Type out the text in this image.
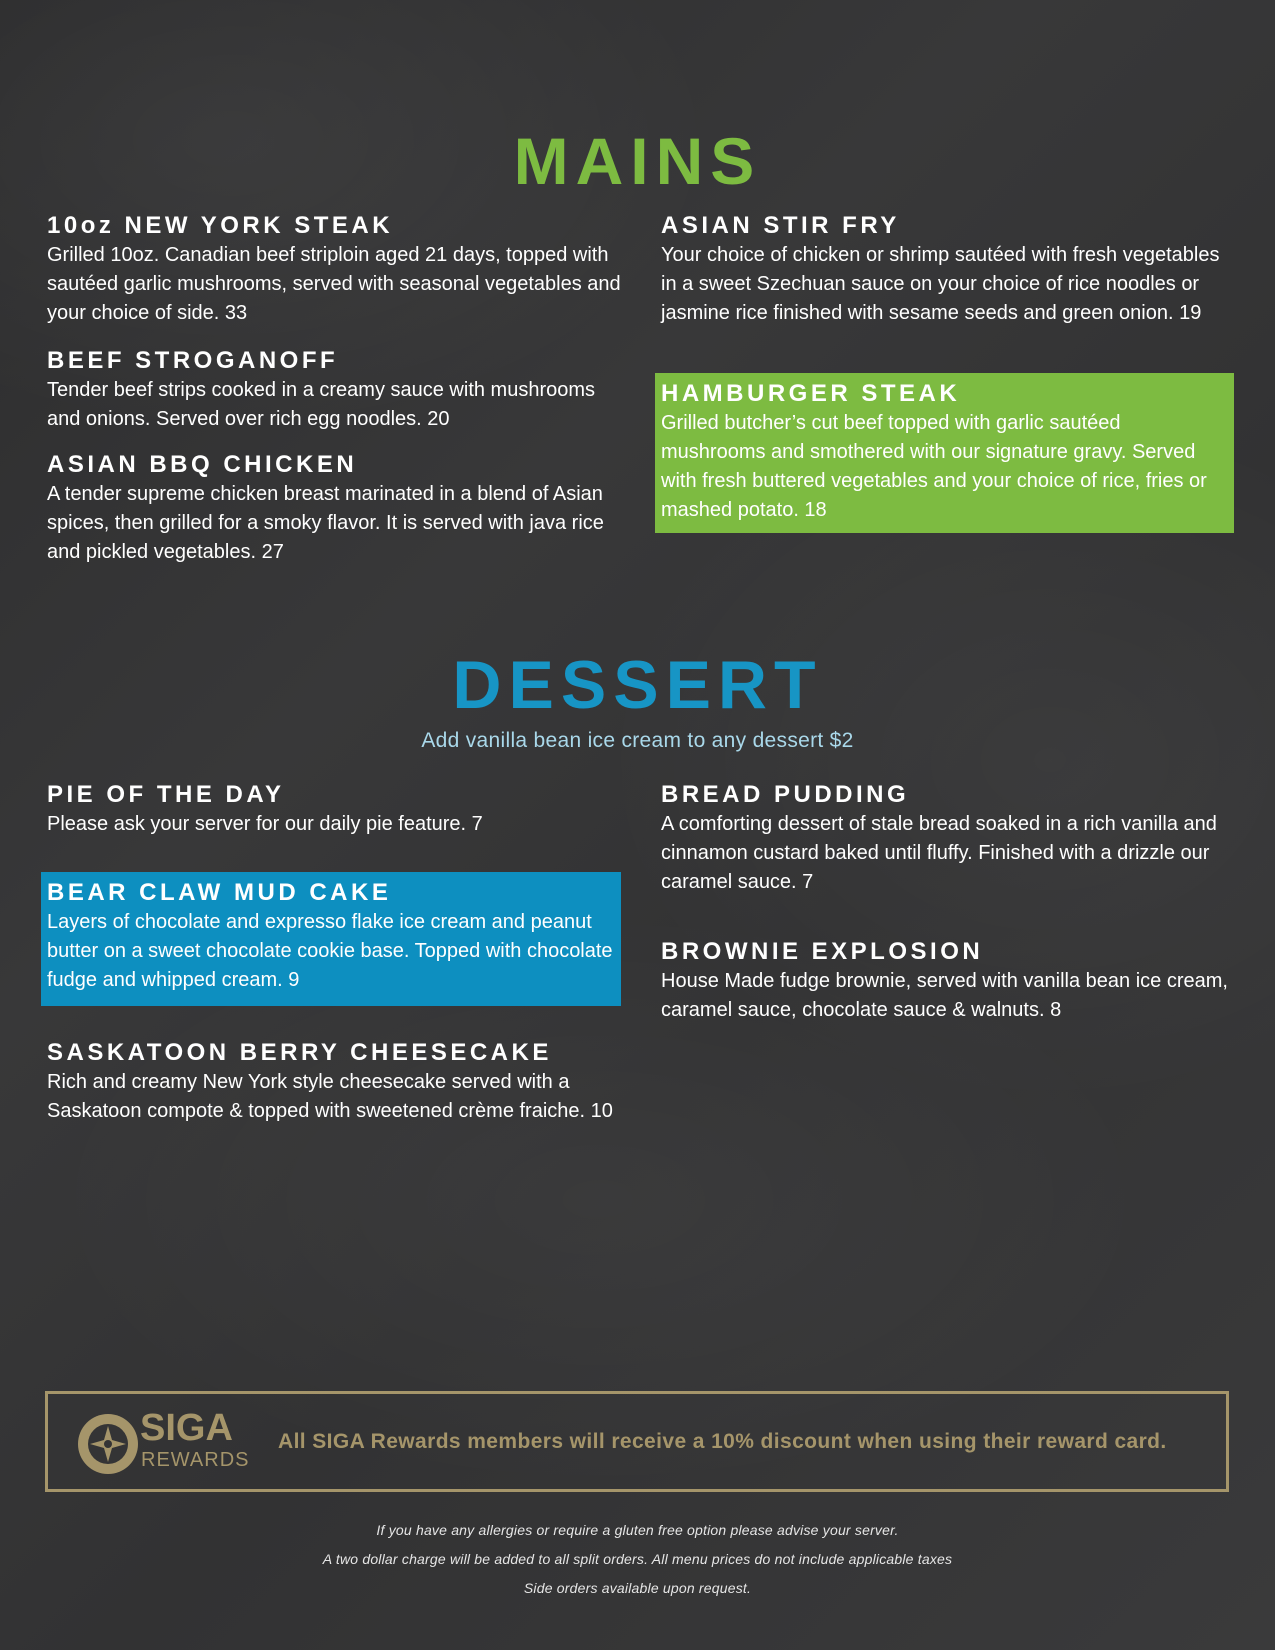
MAINS
10oz NEW YORK STEAK

Grilled 10oz. Canadian beef striploin aged 21 days, topped with sautéed garlic mushrooms, served with seasonal vegetables and your choice of side. 33

BEEF STROGANOFF

Tender beef strips cooked in a creamy sauce with mushrooms and onions. Served over rich egg noodles. 20

ASIAN BBQ CHICKEN

A tender supreme chicken breast marinated in a blend of Asian spices, then grilled for a smoky flavor. It is served with java rice and pickled vegetables. 27

ASIAN STIR FRY

Your choice of chicken or shrimp sautéed with fresh vegetables in a sweet Szechuan sauce on your choice of rice noodles or jasmine rice finished with sesame seeds and green onion. 19

HAMBURGER STEAK

Grilled butcher’s cut beef topped with garlic sautéed mushrooms and smothered with our signature gravy. Served with fresh buttered vegetables and your choice of rice, fries or mashed potato. 18

DESSERT
Add vanilla bean ice cream to any dessert $2
PIE OF THE DAY

Please ask your server for our daily pie feature. 7

BEAR CLAW MUD CAKE

Layers of chocolate and expresso flake ice cream and peanut butter on a sweet chocolate cookie base. Topped with chocolate fudge and whipped cream. 9

SASKATOON BERRY CHEESECAKE

Rich and creamy New York style cheesecake served with a Saskatoon compote & topped with sweetened crème fraiche. 10

BREAD PUDDING

A comforting dessert of stale bread soaked in a rich vanilla and cinnamon custard baked until fluffy. Finished with a drizzle our caramel sauce. 7

BROWNIE EXPLOSION

House Made fudge brownie, served with vanilla bean ice cream, caramel sauce, chocolate sauce & walnuts. 8

SIGA
REWARDS
All SIGA Rewards members will receive a 10% discount when using their reward card.
If you have any allergies or require a gluten free option please advise your server.
A two dollar charge will be added to all split orders. All menu prices do not include applicable taxes
Side orders available upon request.
